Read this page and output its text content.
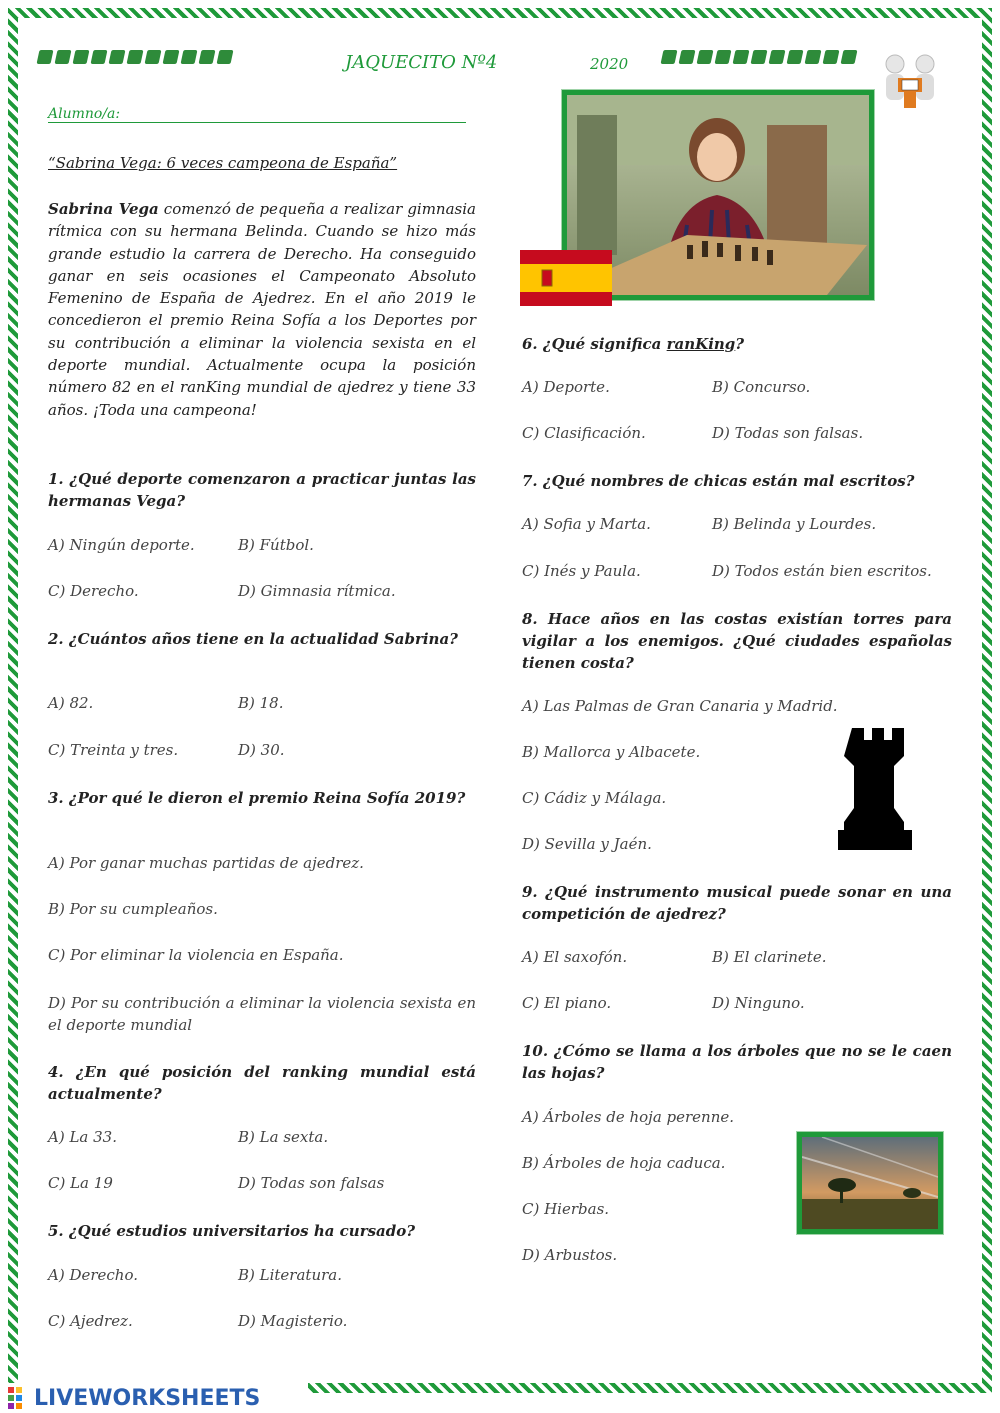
JAQUECITO Nº4	2020
Alumno/a:
“Sabrina Vega: 6 veces campeona de España”
Sabrina Vega comenzó de pequeña a realizar gimnasia rítmica con su hermana Belinda. Cuando se hizo más grande estudio la carrera de Derecho. Ha conseguido ganar en seis ocasiones el Campeonato Absoluto Femenino de España de Ajedrez. En el año 2019 le concedieron el premio Reina Sofía a los Deportes por su contribución a eliminar la violencia sexista en el deporte mundial. Actualmente ocupa la posición número 82 en el ranKing mundial de ajedrez y tiene 33 años. ¡Toda una campeona!
1. ¿Qué deporte comenzaron a practicar juntas las hermanas Vega?
A) Ningún deporte.	B) Fútbol.
C) Derecho.	D) Gimnasia rítmica.
2. ¿Cuántos años tiene en la actualidad Sabrina?
A) 82.	B) 18.
C) Treinta y tres.	D) 30.
3. ¿Por qué le dieron el premio Reina Sofía 2019?
A) Por ganar muchas partidas de ajedrez.
B) Por su cumpleaños.
C) Por eliminar la violencia en España.
D) Por su contribución a eliminar la violencia sexista en el deporte mundial
4. ¿En qué posición del ranking mundial está actualmente?
A) La 33.	B) La sexta.
C) La 19	D) Todas son falsas
5. ¿Qué estudios universitarios ha cursado?
A) Derecho.	B) Literatura.
C) Ajedrez.	D) Magisterio.
6. ¿Qué significa ranKing?
A) Deporte.	B) Concurso.
C) Clasificación.	D) Todas son falsas.
7. ¿Qué nombres de chicas están mal escritos?
A) Sofia y Marta.	B) Belinda y Lourdes.
C) Inés y Paula.	D) Todos están bien escritos.
8. Hace años en las costas existían torres para vigilar a los enemigos. ¿Qué ciudades españolas tienen costa?
A) Las Palmas de Gran Canaria y Madrid.
B) Mallorca y Albacete.
C) Cádiz y Málaga.
D) Sevilla y Jaén.
9. ¿Qué instrumento musical puede sonar en una competición de ajedrez?
A) El saxofón.	B) El clarinete.
C) El piano.	D) Ninguno.
10. ¿Cómo se llama a los árboles que no se le caen las hojas?
A) Árboles de hoja perenne.
B) Árboles de hoja caduca.
C) Hierbas.
D) Arbustos.
LIVEWORKSHEETS
